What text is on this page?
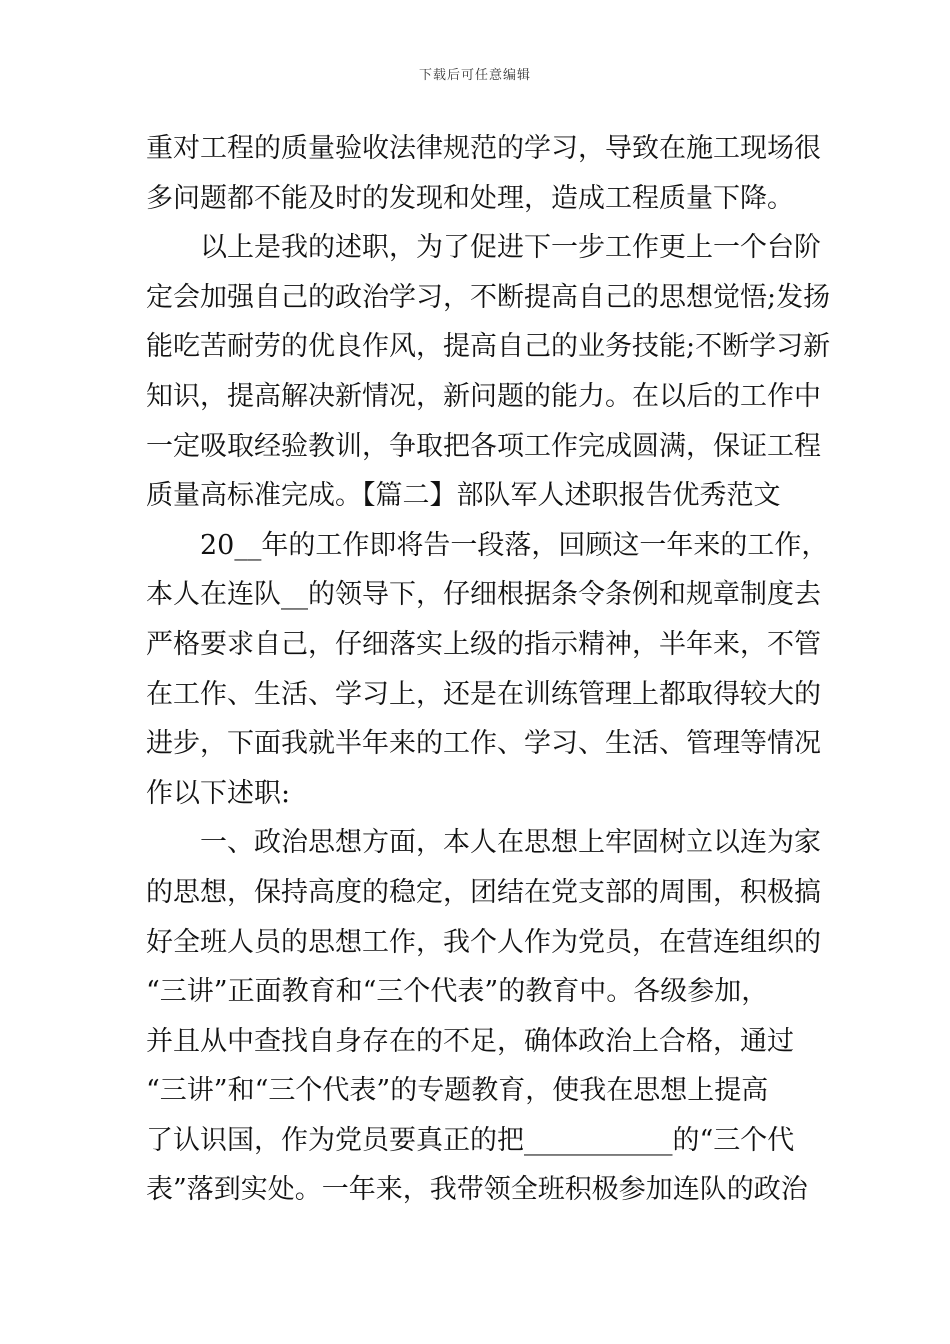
下载后可任意编辑
重对工程的质量验收法律规范的学习，导致在施工现场很
多问题都不能及时的发现和处理，造成工程质量下降。
以上是我的述职，为了促进下一步工作更上一个台阶
定会加强自己的政治学习，不断提高自己的思想觉悟;发扬
能吃苦耐劳的优良作风，提高自己的业务技能;不断学习新
知识，提高解决新情况，新问题的能力。在以后的工作中
一定吸取经验教训，争取把各项工作完成圆满，保证工程
质量高标准完成。【篇二】部队军人述职报告优秀范文
20__年的工作即将告一段落，回顾这一年来的工作，
本人在连队__的领导下，仔细根据条令条例和规章制度去
严格要求自己，仔细落实上级的指示精神，半年来，不管
在工作、生活、学习上，还是在训练管理上都取得较大的
进步，下面我就半年来的工作、学习、生活、管理等情况
作以下述职:
一、政治思想方面，本人在思想上牢固树立以连为家
的思想，保持高度的稳定，团结在党支部的周围，积极搞
好全班人员的思想工作，我个人作为党员，在营连组织的
“三讲”正面教育和“三个代表”的教育中。各级参加，
并且从中查找自身存在的不足，确体政治上合格，通过
“三讲”和“三个代表”的专题教育，使我在思想上提高
了认识国，作为党员要真正的把___________的“三个代
表”落到实处。一年来，我带领全班积极参加连队的政治
